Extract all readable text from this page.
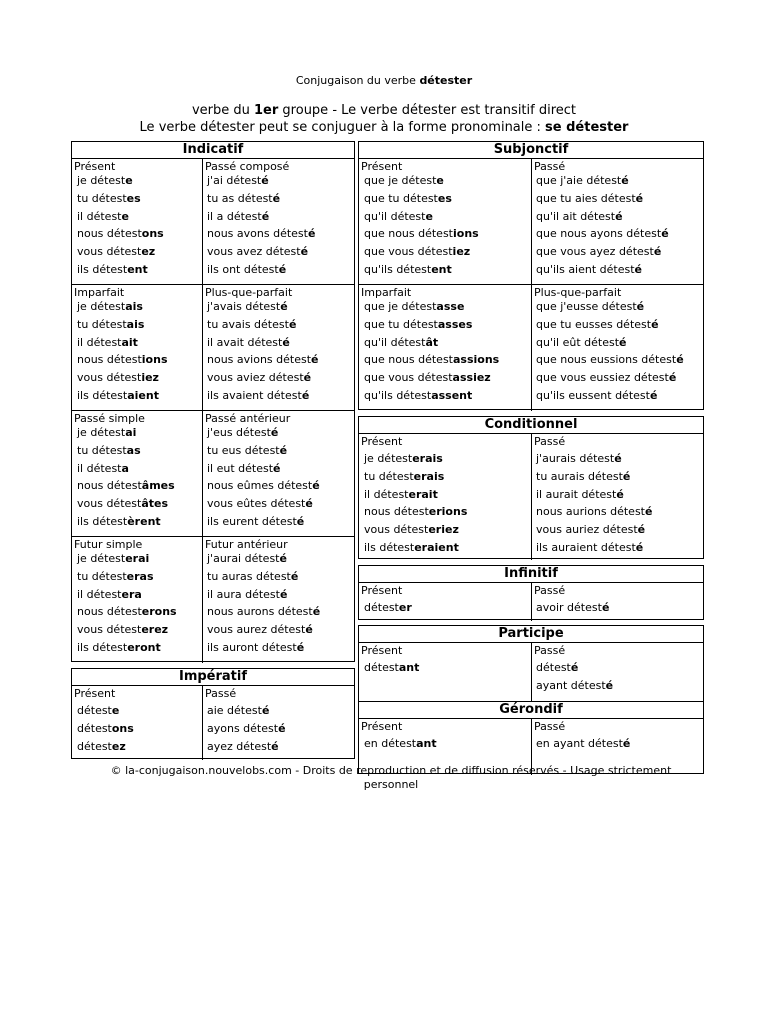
Conjugaison du verbe détester
verbe du 1er groupe - Le verbe détester est transitif direct
Le verbe détester peut se conjuguer à la forme pronominale : se détester
Indicatif
Présent	Passé composé
je déteste	j'ai détesté
tu détestes	tu as détesté
il déteste	il a détesté
nous détestons	nous avons détesté
vous détestez	vous avez détesté
ils détestent	ils ont détesté
Imparfait	Plus-que-parfait
je détestais	j'avais détesté
tu détestais	tu avais détesté
il détestait	il avait détesté
nous détestions	nous avions détesté
vous détestiez	vous aviez détesté
ils détestaient	ils avaient détesté
Passé simple	Passé antérieur
je détestai	j'eus détesté
tu détestas	tu eus détesté
il détesta	il eut détesté
nous détestâmes	nous eûmes détesté
vous détestâtes	vous eûtes détesté
ils détestèrent	ils eurent détesté
Futur simple	Futur antérieur
je détesterai	j'aurai détesté
tu détesteras	tu auras détesté
il détestera	il aura détesté
nous détesterons	nous aurons détesté
vous détesterez	vous aurez détesté
ils détesteront	ils auront détesté
Impératif
Présent	Passé
déteste	aie détesté
détestons	ayons détesté
détestez	ayez détesté
Subjonctif
Présent	Passé
que je déteste	que j'aie détesté
que tu détestes	que tu aies détesté
qu'il déteste	qu'il ait détesté
que nous détestions	que nous ayons détesté
que vous détestiez	que vous ayez détesté
qu'ils détestent	qu'ils aient détesté
Imparfait	Plus-que-parfait
que je détestasse	que j'eusse détesté
que tu détestasses	que tu eusses détesté
qu'il détestât	qu'il eût détesté
que nous détestassions	que nous eussions détesté
que vous détestassiez	que vous eussiez détesté
qu'ils détestassent	qu'ils eussent détesté
Conditionnel
Présent	Passé
je détesterais	j'aurais détesté
tu détesterais	tu aurais détesté
il détesterait	il aurait détesté
nous détesterions	nous aurions détesté
vous détesteriez	vous auriez détesté
ils détesteraient	ils auraient détesté
Infinitif
Présent	Passé
détester	avoir détesté
Participe
Présent	Passé
détestant	détesté
ayant détesté
Gérondif
Présent	Passé
en détestant	en ayant détesté
© la-conjugaison.nouvelobs.com - Droits de reproduction et de diffusion réservés - Usage strictement personnel
